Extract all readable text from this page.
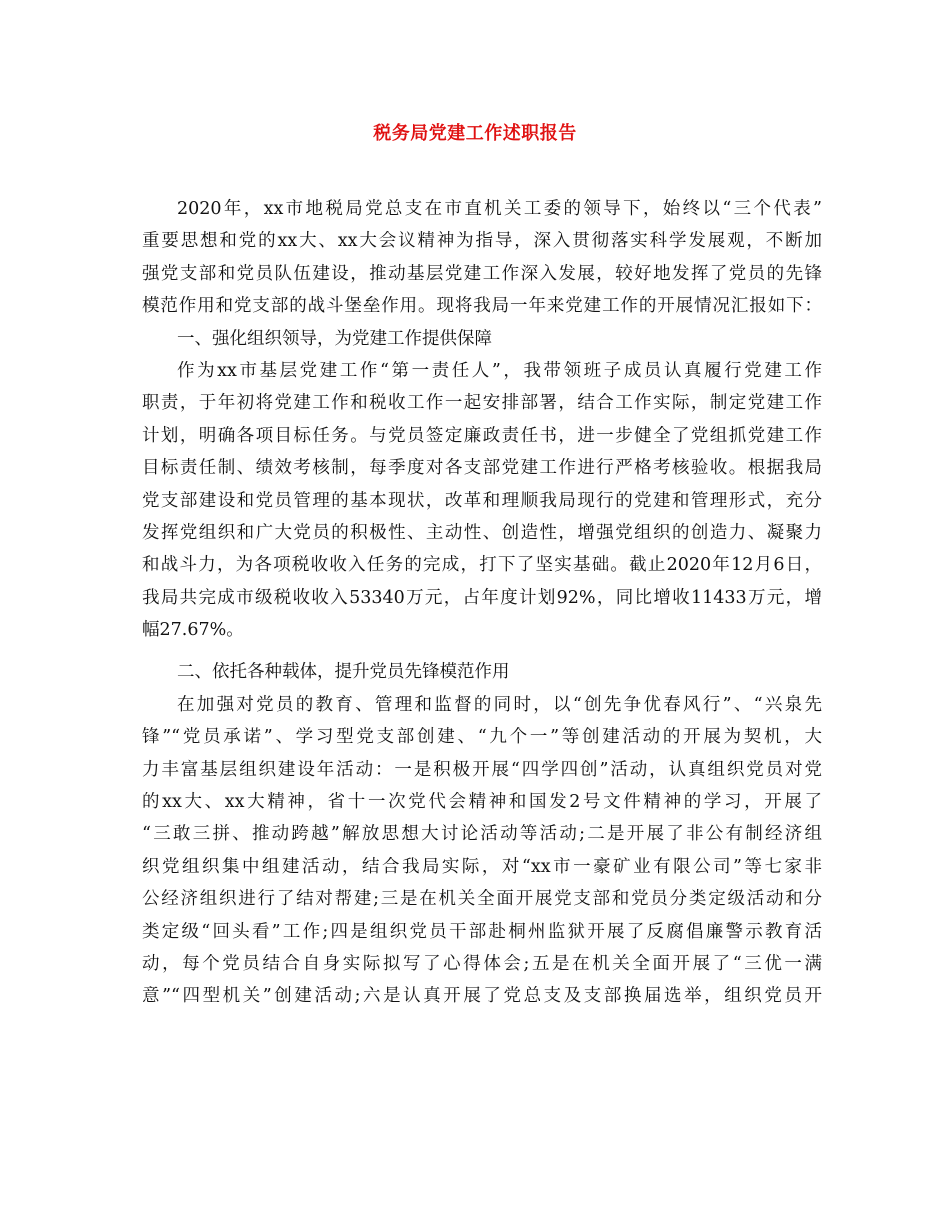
税务局党建工作述职报告
2020年，xx市地税局党总支在市直机关工委的领导下，始终以“三个代表”
重要思想和党的xx大、xx大会议精神为指导，深入贯彻落实科学发展观，不断加
强党支部和党员队伍建设，推动基层党建工作深入发展，较好地发挥了党员的先锋
模范作用和党支部的战斗堡垒作用。现将我局一年来党建工作的开展情况汇报如下：
一、强化组织领导，为党建工作提供保障
作为xx市基层党建工作“第一责任人”，我带领班子成员认真履行党建工作
职责，于年初将党建工作和税收工作一起安排部署，结合工作实际，制定党建工作
计划，明确各项目标任务。与党员签定廉政责任书，进一步健全了党组抓党建工作
目标责任制、绩效考核制，每季度对各支部党建工作进行严格考核验收。根据我局
党支部建设和党员管理的基本现状，改革和理顺我局现行的党建和管理形式，充分
发挥党组织和广大党员的积极性、主动性、创造性，增强党组织的创造力、凝聚力
和战斗力，为各项税收收入任务的完成，打下了坚实基础。截止2020年12月6日，
我局共完成市级税收收入53340万元，占年度计划92%，同比增收11433万元，增
幅27.67%。
二、依托各种载体，提升党员先锋模范作用
在加强对党员的教育、管理和监督的同时，以“创先争优春风行”、“兴泉先
锋”“党员承诺”、学习型党支部创建、“九个一”等创建活动的开展为契机，大
力丰富基层组织建设年活动：一是积极开展“四学四创”活动，认真组织党员对党
的xx大、xx大精神，省十一次党代会精神和国发2号文件精神的学习，开展了
“三敢三拼、推动跨越”解放思想大讨论活动等活动;二是开展了非公有制经济组
织党组织集中组建活动，结合我局实际，对“xx市一豪矿业有限公司”等七家非
公经济组织进行了结对帮建;三是在机关全面开展党支部和党员分类定级活动和分
类定级“回头看”工作;四是组织党员干部赴桐州监狱开展了反腐倡廉警示教育活
动，每个党员结合自身实际拟写了心得体会;五是在机关全面开展了“三优一满
意”“四型机关”创建活动;六是认真开展了党总支及支部换届选举，组织党员开
